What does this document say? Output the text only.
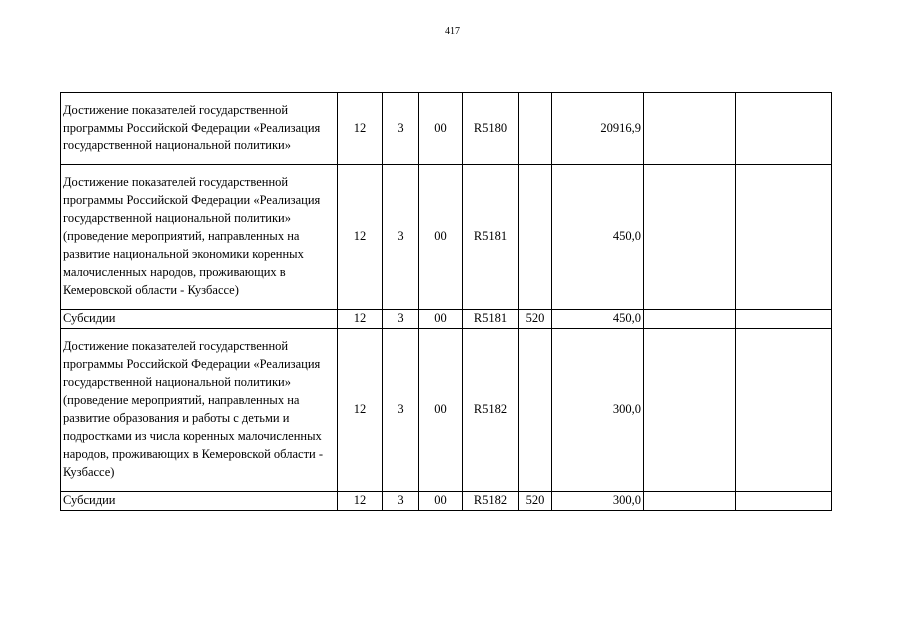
417
Достижение показателей государственной программы Российской Федерации «Реализация государственной национальной политики»	12	3	00	R5180		20916,9		
Достижение показателей государственной программы Российской Федерации «Реализация государственной национальной политики» (проведение мероприятий, направленных на развитие национальной экономики коренных малочисленных народов, проживающих в Кемеровской области - Кузбассе)	12	3	00	R5181		450,0		
Субсидии	12	3	00	R5181	520	450,0		
Достижение показателей государственной программы Российской Федерации «Реализация государственной национальной политики» (проведение мероприятий, направленных на развитие образования и работы с детьми и подростками из числа коренных малочисленных народов, проживающих в Кемеровской области - Кузбассе)	12	3	00	R5182		300,0		
Субсидии	12	3	00	R5182	520	300,0		
